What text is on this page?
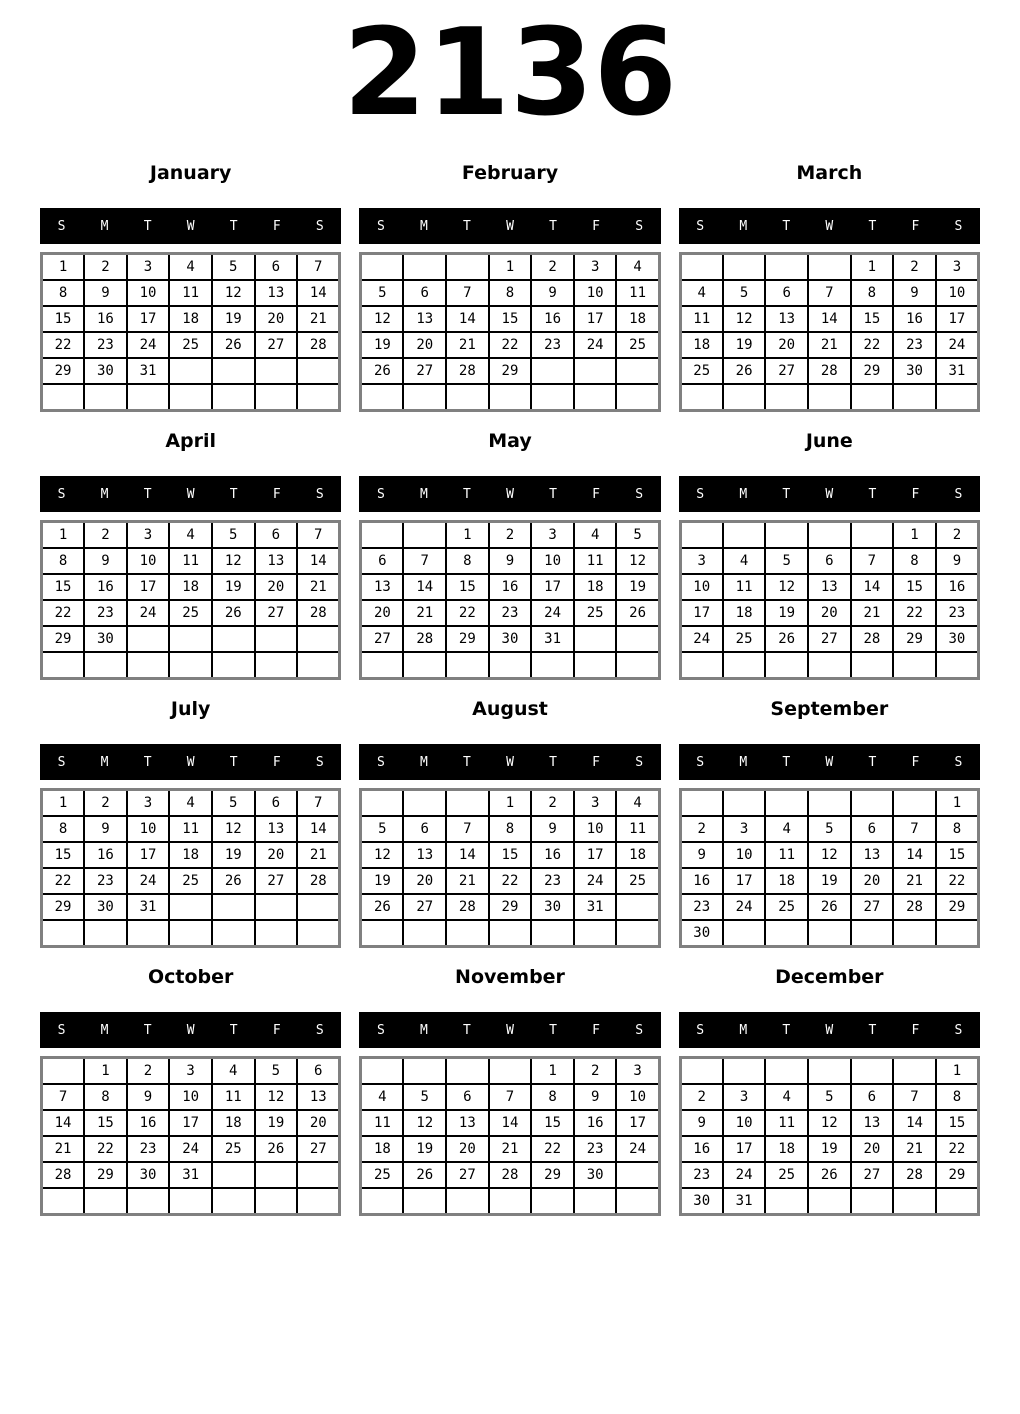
2136
January
S	M	T	W	T	F	S
1	2	3	4	5	6	7
8	9	10	11	12	13	14
15	16	17	18	19	20	21
22	23	24	25	26	27	28
29	30	31				

February
S	M	T	W	T	F	S
			1	2	3	4
5	6	7	8	9	10	11
12	13	14	15	16	17	18
19	20	21	22	23	24	25
26	27	28	29			

March
S	M	T	W	T	F	S
				1	2	3
4	5	6	7	8	9	10
11	12	13	14	15	16	17
18	19	20	21	22	23	24
25	26	27	28	29	30	31

April
S	M	T	W	T	F	S
1	2	3	4	5	6	7
8	9	10	11	12	13	14
15	16	17	18	19	20	21
22	23	24	25	26	27	28
29	30					

May
S	M	T	W	T	F	S
		1	2	3	4	5
6	7	8	9	10	11	12
13	14	15	16	17	18	19
20	21	22	23	24	25	26
27	28	29	30	31		

June
S	M	T	W	T	F	S
					1	2
3	4	5	6	7	8	9
10	11	12	13	14	15	16
17	18	19	20	21	22	23
24	25	26	27	28	29	30

July
S	M	T	W	T	F	S
1	2	3	4	5	6	7
8	9	10	11	12	13	14
15	16	17	18	19	20	21
22	23	24	25	26	27	28
29	30	31				

August
S	M	T	W	T	F	S
			1	2	3	4
5	6	7	8	9	10	11
12	13	14	15	16	17	18
19	20	21	22	23	24	25
26	27	28	29	30	31	

September
S	M	T	W	T	F	S
						1
2	3	4	5	6	7	8
9	10	11	12	13	14	15
16	17	18	19	20	21	22
23	24	25	26	27	28	29
30						
October
S	M	T	W	T	F	S
	1	2	3	4	5	6
7	8	9	10	11	12	13
14	15	16	17	18	19	20
21	22	23	24	25	26	27
28	29	30	31			

November
S	M	T	W	T	F	S
				1	2	3
4	5	6	7	8	9	10
11	12	13	14	15	16	17
18	19	20	21	22	23	24
25	26	27	28	29	30	

December
S	M	T	W	T	F	S
						1
2	3	4	5	6	7	8
9	10	11	12	13	14	15
16	17	18	19	20	21	22
23	24	25	26	27	28	29
30	31					
